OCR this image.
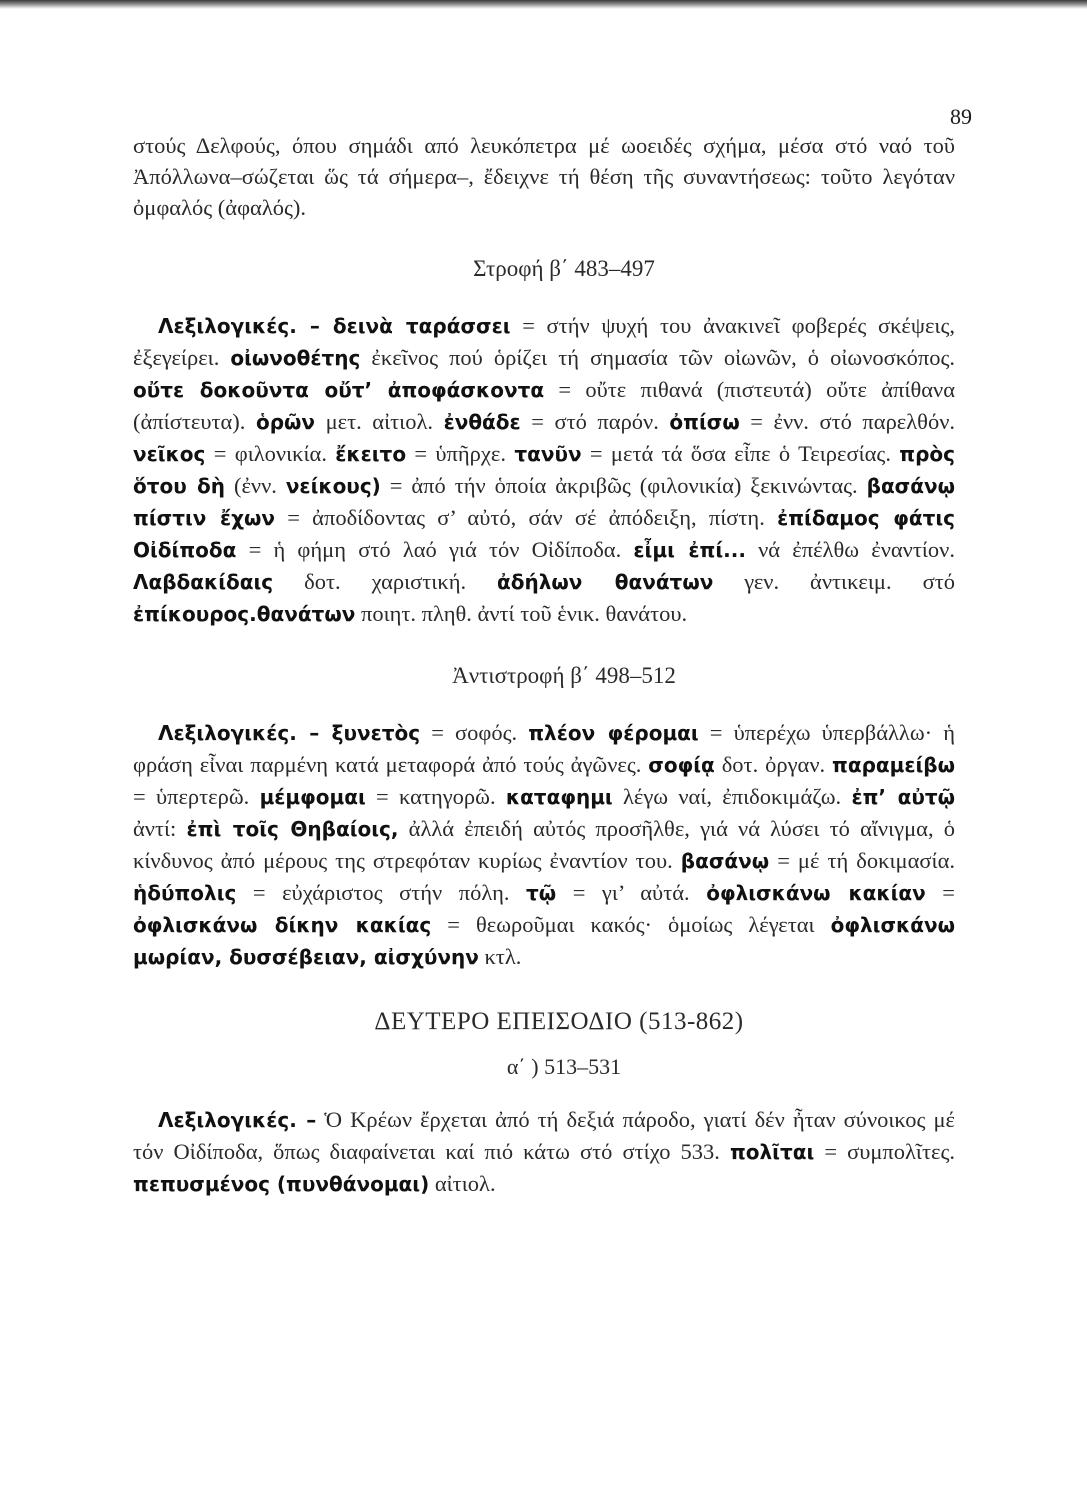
89

στούς Δελφούς, όπου σημάδι από λευκόπετρα μέ ωοειδές σχήμα, μέσα στό ναό τοῦ Ἀπόλλωνα–σώζεται ὥς τά σήμερα–, ἔδειχνε τή θέση τῆς συναντήσεως: τοῦτο λεγόταν ὀμφαλός (ἀφαλός).

Στροφή β΄ 483–497

Λεξιλογικές. – δεινὰ ταράσσει = στήν ψυχή του ἀνακινεῖ φοβερές σκέψεις, ἐξεγείρει. οἰωνοθέτης ἐκεῖνος πού ὁρίζει τή σημασία τῶν οἰωνῶν, ὁ οἰωνοσκόπος. οὔτε δοκοῦντα οὔτ’ ἀποφάσκοντα = οὔτε πιθανά (πιστευτά) οὔτε ἀπίθανα (ἀπίστευτα). ὁρῶν μετ. αἰτιολ. ἐνθάδε = στό παρόν. ὀπίσω = ἐνν. στό παρελθόν. νεῖκος = φιλονικία. ἔκειτο = ὑπῆρχε. τανῦν = μετά τά ὅσα εἶπε ὁ Τειρεσίας. πρὸς ὅτου δὴ (ἐνν. νείκους) = ἀπό τήν ὁποία ἀκριβῶς (φιλονικία) ξεκινώντας. βασάνῳ πίστιν ἔχων = ἀποδίδοντας σ’ αὐτό, σάν σέ ἀπόδειξη, πίστη. ἐπίδαμος φάτις Οἰδίποδα = ἡ φήμη στό λαό γιά τόν Οἰδίποδα. εἶμι ἐπί... νά ἐπέλθω ἐναντίον. Λαβδακίδαις δοτ. χαριστική. ἀδήλων θανάτων γεν. ἀντικειμ. στό ἐπίκουρος.θανάτων ποιητ. πληθ. ἀντί τοῦ ἑνικ. θανάτου.

Ἀντιστροφή β΄ 498–512

Λεξιλογικές. – ξυνετὸς = σοφός. πλέον φέρομαι = ὑπερέχω ὑπερβάλλω· ἡ φράση εἶναι παρμένη κατά μεταφορά ἀπό τούς ἀγῶνες. σοφίᾳ δοτ. ὀργαν. παραμείβω = ὑπερτερῶ. μέμφομαι = κατηγορῶ. καταφημι λέγω ναί, ἐπιδοκιμάζω. ἐπ’ αὐτῷ ἀντί: ἐπὶ τοῖς Θηβαίοις, ἀλλά ἐπειδή αὐτός προσῆλθε, γιά νά λύσει τό αἴνιγμα, ὁ κίνδυνος ἀπό μέρους της στρεφόταν κυρίως ἐναντίον του. βασάνῳ = μέ τή δοκιμασία. ἡδύπολις = εὐχάριστος στήν πόλη. τῷ = γι’ αὐτά. ὀφλισκάνω κακίαν = ὀφλισκάνω δίκην κακίας = θεωροῦμαι κακός· ὁμοίως λέγεται ὀφλισκάνω μωρίαν, δυσσέβειαν, αἰσχύνην κτλ.

ΔΕΥΤΕΡΟ ΕΠΕΙΣΟΔΙΟ (513-862)

α΄ ) 513–531

Λεξιλογικές. – Ὁ Κρέων ἔρχεται ἀπό τή δεξιά πάροδο, γιατί δέν ἦταν σύνοικος μέ τόν Οἰδίποδα, ὅπως διαφαίνεται καί πιό κάτω στό στίχο 533. πολῖται = συμπολῖτες. πεπυσμένος (πυνθάνομαι) αἰτιολ.
